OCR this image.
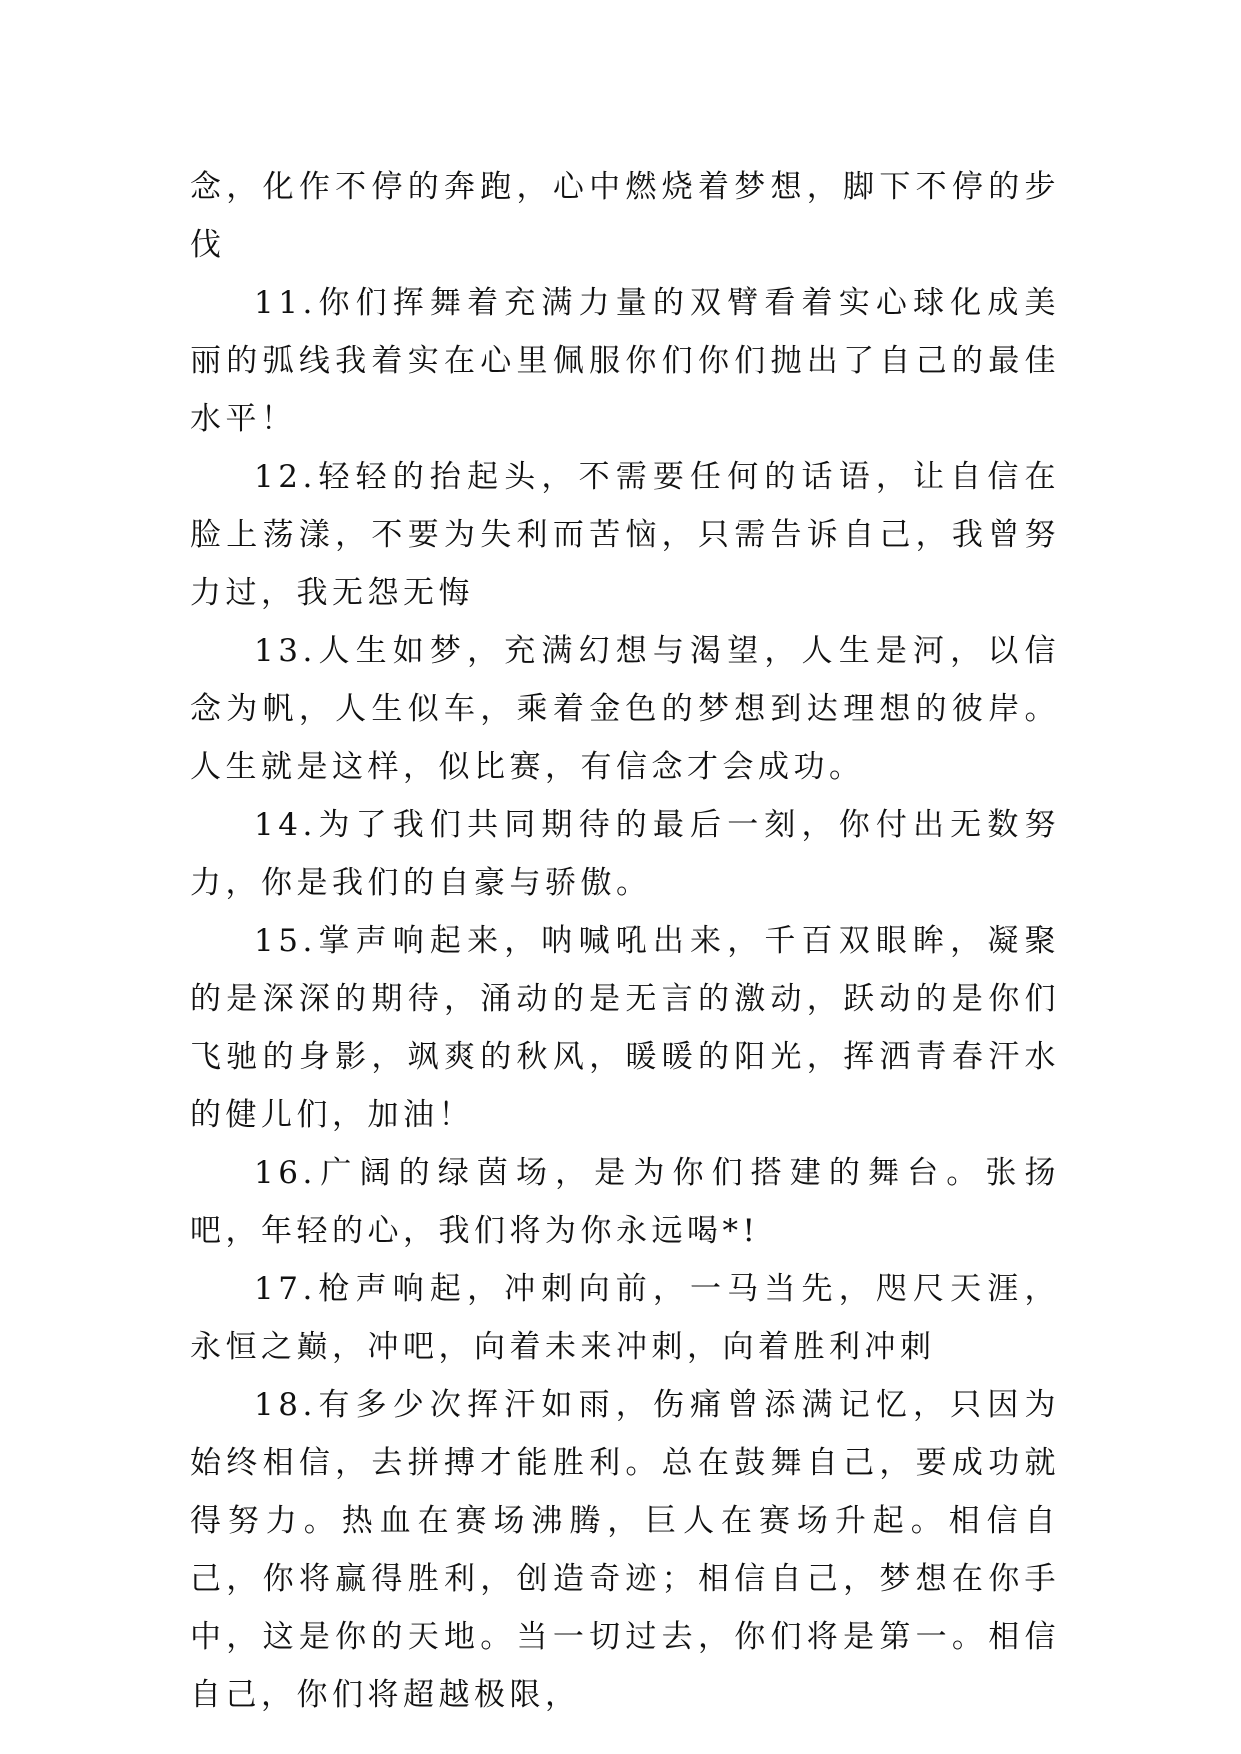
念，化作不停的奔跑，心中燃烧着梦想，脚下不停的步伐

11.你们挥舞着充满力量的双臂看着实心球化成美丽的弧线我着实在心里佩服你们你们抛出了自己的最佳水平！

12.轻轻的抬起头，不需要任何的话语，让自信在脸上荡漾，不要为失利而苦恼，只需告诉自己，我曾努力过，我无怨无悔

13.人生如梦，充满幻想与渴望，人生是河，以信念为帆，人生似车，乘着金色的梦想到达理想的彼岸。人生就是这样，似比赛，有信念才会成功。

14.为了我们共同期待的最后一刻，你付出无数努力，你是我们的自豪与骄傲。

15.掌声响起来，呐喊吼出来，千百双眼眸，凝聚的是深深的期待，涌动的是无言的激动，跃动的是你们飞驰的身影，飒爽的秋风，暖暖的阳光，挥洒青春汗水的健儿们，加油！

16.广阔的绿茵场，是为你们搭建的舞台。张扬吧，年轻的心，我们将为你永远喝*!

17.枪声响起，冲刺向前，一马当先，咫尺天涯，永恒之巅，冲吧，向着未来冲刺，向着胜利冲刺

18.有多少次挥汗如雨，伤痛曾添满记忆，只因为始终相信，去拼搏才能胜利。总在鼓舞自己，要成功就得努力。热血在赛场沸腾，巨人在赛场升起。相信自己，你将赢得胜利，创造奇迹；相信自己，梦想在你手中，这是你的天地。当一切过去，你们将是第一。相信自己，你们将超越极限，
